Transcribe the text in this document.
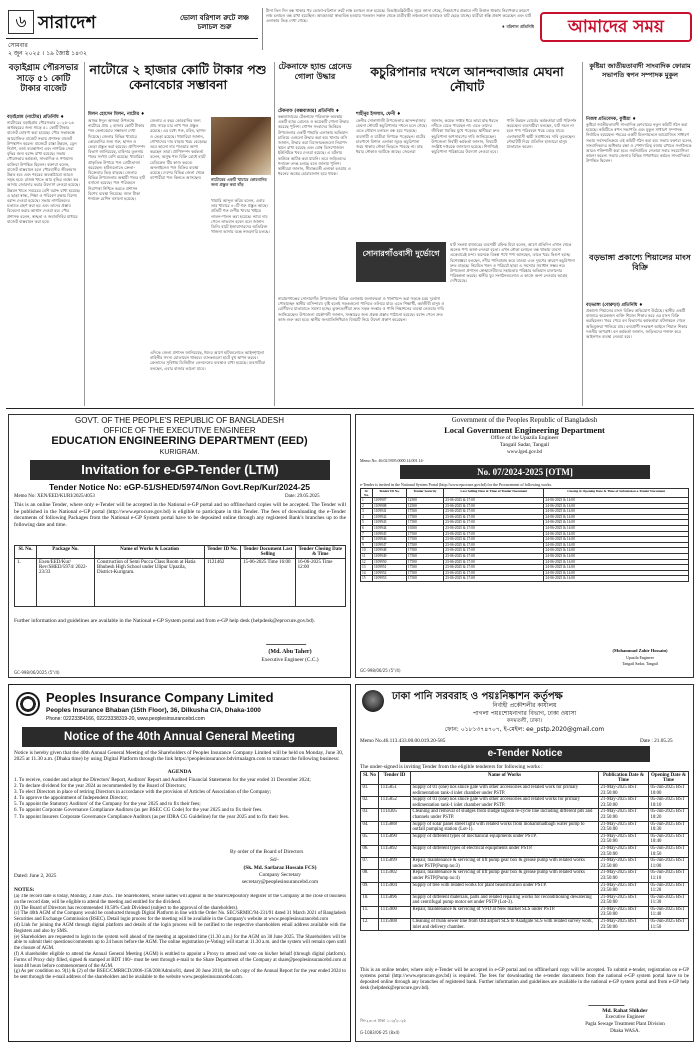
৬ সারাদেশ	ভোলা বরিশাল রুটে লঞ্চ চলাচল শুরু
সোমবার
২ জুন ২০২৫ । ১৯ জ্যৈষ্ঠ ১৪৩২
টানা তিন দিন বন্ধ থাকার পর ভোলা-বরিশাল রুটে লঞ্চ চলাচল শুরু হয়েছে। বিআইডব্লিউটিএ সূত্রে জানা গেছে, নিম্নচাপের প্রভাবে নদী উত্তাল থাকায় নিরাপত্তার কারণে লঞ্চ চলাচল বন্ধ রাখা হয়েছিল। আবহাওয়া স্বাভাবিক হওয়ায় গতকাল সকাল থেকে যাত্রীবাহী লঞ্চগুলো আবারও ঘাট ছেড়ে যাচ্ছে। যাত্রীরা স্বস্তি প্রকাশ করেছেন এবং ঘাট এলাকায় ভিড় দেখা গেছে।
♦ বরিশাল প্রতিনিধি	আমাদের সময়
বড়াইগ্রাম পৌরসভার সাড়ে ৫১ কোটি টাকার বাজেট
বড়াইগ্রাম (নাটোর) প্রতিনিধি ♦
নাটোরের বড়াইগ্রাম পৌরসভার ২০২৫-২৬ অর্থবছরের জন্য সাড়ে ৫১ কোটি টাকার বাজেট ঘোষণা করা হয়েছে। পৌর সভাকক্ষে আয়োজিত বাজেট সভায় প্রশাসক বাজেট উপস্থাপন করেন। বাজেটে রাস্তা উন্নয়ন, ড্রেন নির্মাণ, বর্জ্য ব্যবস্থাপনা এবং নাগরিক সেবা বৃদ্ধির জন্য বরাদ্দ রাখা হয়েছে। সভায় পৌরসভার কর্মকর্তা, সাংবাদিক ও গণ্যমান্য ব্যক্তিরা উপস্থিত ছিলেন। বক্তারা বলেন, বাজেট বাস্তবায়ন হলে পৌরবাসীর জীবনমান উন্নত হবে এবং শহরের অবকাঠামো আরও সমৃদ্ধ হবে। রাজস্ব খাতে আয় বৃদ্ধির লক্ষ্যে কর আদায় জোরদার করার উদ্যোগ নেওয়া হয়েছে। উন্নয়ন খাতে সবচেয়ে বেশি বরাদ্দ রাখা হয়েছে। এ ছাড়া স্বাস্থ্য, শিক্ষা ও পরিবেশ রক্ষায় বিশেষ বরাদ্দ দেওয়া হয়েছে। সভায় নাগরিকদের মতামত গ্রহণ করা হয় এবং তাদের প্রস্তাব বিবেচনা করার আশ্বাস দেওয়া হয়। পৌর প্রশাসক বলেন, স্বচ্ছতা ও জবাবদিহির মাধ্যমে বাজেট বাস্তবায়ন করা হবে।
নাটোরে ২ হাজার কোটি টাকার পশু কেনাবেচার সম্ভাবনা
মিলন হোসেন মিলন, নাটোর ♦
আসন্ন ঈদুল আজহা উপলক্ষে নাটোরে প্রায় ২ হাজার কোটি টাকার পশু কেনাবেচার সম্ভাবনা দেখা দিয়েছে। জেলার বিভিন্ন খামারে কোরবানির জন্য গরু, ছাগল ও ভেড়া প্রস্তুত করা হয়েছে। প্রাণিসম্পদ বিভাগ জানিয়েছে, চাহিদার তুলনায় পশুর সংখ্যা বেশি রয়েছে। খামারিরা প্রাকৃতিক উপায়ে পশু মোটাতাজা করেছেন। হাটগুলোতে ক্রেতা-বিক্রেতার ভিড় বাড়ছে। জেলার বিভিন্ন উপজেলায় অস্থায়ী পশুর হাট বসানো হয়েছে। পশু পরিবহনে নিরাপত্তা নিশ্চিত করতে প্রশাসন বিশেষ ব্যবস্থা নিয়েছে। জাল টাকা শনাক্তে মেশিন বসানো হয়েছে।
জেলায় এ বছর কোরবানির জন্য প্রায় সাড়ে চার লাখ পশু প্রস্তুত রয়েছে। এর মধ্যে গরু, মহিষ, ছাগল ও ভেড়া রয়েছে। খামারিরা জানান, গোখাদ্যের দাম বাড়ায় খরচ বেড়েছে। তবে ভালো দাম পাওয়ার আশা করছেন তারা। প্রাণিসম্পদ কর্মকর্তা বলেন, অসুস্থ পশু বিক্রি রোধে হাটে মেডিকেল টিম কাজ করবে। অনলাইনেও পশু বিক্রির ব্যবস্থা রয়েছে। দেশের বিভিন্ন জেলা থেকে ব্যাপারীরা পশু কিনতে আসছেন।	নাটোরের একটি খামারে কোরবানির জন্য প্রস্তুত করা ষাঁড়
খামারি আব্দুল করিম বলেন, এবার তার খামারে ৪০টি গরু প্রস্তুত আছে। প্রতিটি গরু দেশীয় খাবার খাইয়ে লালন-পালন করা হয়েছে। ন্যায্য দাম পেলে লাভবান হবেন বলে জানান তিনি। হাটে ইজারাদারদের অতিরিক্ত খাজনা আদায় বন্ধে নজরদারি চলছে।
এদিকে জেলা প্রশাসন জানিয়েছে, ঈদের আগে হাটগুলোতে আইনশৃঙ্খলা বাহিনীর সদস্য মোতায়েন থাকবে। ব্যাংকগুলো হাটে বুথ স্থাপন করবে। ক্রেতাদের সুবিধায় ডিজিটাল লেনদেনের ব্যবস্থাও রাখা হয়েছে। ব্যবসায়ীরা বলছেন, এবার বাজার ভালো যাবে।
টেকনাফে হ্যান্ড গ্রেনেড গোলা উদ্ধার
টেকনাফ (কক্সবাজার) প্রতিনিধি ♦
কক্সবাজারের টেকনাফে পরিত্যক্ত অবস্থায় একটি হ্যান্ড গ্রেনেড ও কয়েকটি গোলা উদ্ধার করেছে পুলিশ। গোপন সংবাদের ভিত্তিতে উপজেলার একটি পাহাড়ি এলাকায় অভিযান চালিয়ে এগুলো উদ্ধার করা হয়। থানার ওসি জানান, উদ্ধার করা বিস্ফোরকগুলো নিরাপদ স্থানে রাখা হয়েছে এবং বোম্ব ডিসপোজাল ইউনিটকে খবর দেওয়া হয়েছে। এ ঘটনায় কাউকে আটক করা যায়নি। তবে জড়িতদের শনাক্তে তদন্ত চলছে বলে জানায় পুলিশ। স্থানীয়রা জানান, সীমান্তবর্তী এলাকা হওয়ায় এ ধরনের অস্ত্রের চোরাচালান হয়ে থাকে।
সোনারগাঁওবাসী দুর্ভোগে
নারায়ণগঞ্জের সোনারগাঁও উপজেলার বিভিন্ন এলাকায় জলাবদ্ধতা ও খানাখন্দে ভরা সড়কে চরম দুর্ভোগ পোহাচ্ছেন স্থানীয় বাসিন্দারা। বৃষ্টি হলেই সড়কগুলো পানিতে তলিয়ে যায়। এতে শিক্ষার্থী, কর্মজীবী মানুষ ও রোগীদের যাতায়াতে সমস্যা হচ্ছে। ভুক্তভোগীরা দ্রুত সড়ক সংস্কার ও পানি নিষ্কাশনের ব্যবস্থা নেওয়ার দাবি জানিয়েছেন। উপজেলা প্রকৌশলী জানান, সংস্কারের জন্য প্রকল্প প্রস্তাব পাঠানো হয়েছে। বরাদ্দ পেলে দ্রুত কাজ শুরু করা হবে। স্থানীয় জনপ্রতিনিধিরাও বিষয়টি নিয়ে উদ্বেগ প্রকাশ করেছেন।
কচুরিপানার দখলে আনন্দবাজার মেঘনা নৌঘাট
শাহীনুর ইসলাম, ফেনী ♦
ফেনীর সোনাগাজী উপজেলার আনন্দবাজার মেঘনা নৌঘাট কচুরিপানার দখলে চলে গেছে। এতে নৌযান চলাচল বন্ধ হয়ে পড়েছে। ব্যবসায়ী ও যাত্রীরা বিপাকে পড়েছেন। ঘাটের চারপাশে বিশাল এলাকা জুড়ে কচুরিপানা জমে থাকায় নৌকা ভিড়তে পারছে না। মাছ ধরার নৌকাও আটকে আছে। জেলেরা জানান, কয়েক সপ্তাহ ধরে তারা মাছ ধরতে নদীতে যেতে পারছেন না। এতে তাদের জীবিকা হুমকির মুখে পড়েছে। স্থানীয়রা দ্রুত কচুরিপানা অপসারণের দাবি জানিয়েছেন। উপজেলা নির্বাহী কর্মকর্তা জানান, বিষয়টি সংশ্লিষ্ট দপ্তরকে জানানো হয়েছে। শিগগিরই কচুরিপানা পরিষ্কারের উদ্যোগ নেওয়া হবে। পানি উন্নয়ন বোর্ডের কর্মকর্তারা ঘাট পরিদর্শন করেছেন। ব্যবসায়ীরা বলছেন, ঘাট সচল না হলে পণ্য পরিবহনে খরচ বেড়ে যাবে। এলাকাবাসী স্থায়ী সমাধানের দাবি তুলেছেন। নৌঘাটটি দিয়ে প্রতিদিন হাজারো মানুষ যাতায়াত করেন।
ঘাট সংলগ্ন বাজারের ব্যবসায়ী রফিক মিয়া বলেন, আগে প্রতিদিন এখান থেকে অনেক পণ্য আনা-নেওয়া হতো। এখন নৌকা চলাচল বন্ধ থাকায় ব্যবসা একেবারেই মন্দা। অনেকে বিকল্প পথে পণ্য আনছেন, তাতে খরচ দ্বিগুণ হচ্ছে। বিশেষজ্ঞরা বলছেন, নদীর পানিপ্রবাহ কমে যাওয়া এবং দূষণের কারণে কচুরিপানা দ্রুত বাড়ছে। নিয়মিত খনন ও পরিচর্যা ছাড়া এ সমস্যার সমাধান সম্ভব নয়। উপজেলা প্রশাসন স্বেচ্ছাসেবীদের সহায়তায় পরিষ্কার অভিযান চালানোর পরিকল্পনা করছে। স্থানীয় যুব সংগঠনগুলোও এ কাজে অংশ নেওয়ার আগ্রহ দেখিয়েছে।
কুষ্টিয়া জাতীয়তাবাদী সাংবাদিক ফোরাম সভাপতি স্বপন সম্পাদক মুকুল
নিজস্ব প্রতিবেদক, কুষ্টিয়া ♦
কুষ্টিয়া জাতীয়তাবাদী সাংবাদিক ফোরামের নতুন কমিটি গঠন করা হয়েছে। কমিটিতে স্বপন সভাপতি এবং মুকুল সাধারণ সম্পাদক নির্বাচিত হয়েছেন। শহরের একটি মিলনায়তনে আয়োজিত সাধারণ সভায় সর্বসম্মতিক্রমে এই কমিটি গঠন করা হয়। সভায় বক্তারা বলেন, সাংবাদিকদের অধিকার রক্ষা ও পেশাদারিত্ব বজায় রাখতে সংগঠনকে আরও শক্তিশালী করা হবে। নবনির্বাচিত নেতারা সবার সহযোগিতা কামনা করেন। সভায় জেলার বিভিন্ন গণমাধ্যমে কর্মরত সাংবাদিকরা উপস্থিত ছিলেন।
বড়ভাঙ্গা প্রকাশ্যে শিয়ালের মাংস বিক্রি
বড়ভাঙ্গা (বোরুড়া) প্রতিনিধি ♦
প্রকাশ্যে শিয়ালের মাংস বিক্রির অভিযোগ উঠেছে। স্থানীয় একটি বাজারে কয়েকজন ব্যক্তি শিয়াল শিকার করে এর মাংস বিক্রি করছিলেন। খবর পেয়ে বন বিভাগের কর্মকর্তারা ঘটনাস্থলে গেলে অভিযুক্তরা পালিয়ে যায়। বন্যপ্রাণী সংরক্ষণ আইনে শিয়াল শিকার দণ্ডনীয় অপরাধ। বন কর্মকর্তা জানান, জড়িতদের শনাক্ত করে আইনগত ব্যবস্থা নেওয়া হবে।
GOVT. OF THE PEOPLE'S REPUBLIC OF BANGLADESH
OFFICE OF THE EXECUTIVE ENGINEER
EDUCATION ENGINEERING DEPARTMENT (EED)
KURIGRAM.
Invitation for e-GP-Tender (LTM)
Tender Notice No: eGP-51/SHED/5974/Non Govt.Rep/Kur/2024-25
Memo No: XEN/EED/KURI/2025/4053	Date: 29.05.2025
This is an online Tender, where only e-Tender will be accepted in the National e-GP portal and no offline/hard copies will be accepted. The Tender will be published in the National e-GP portal (http://www.eprocure.gov.bd) is eligible to participate in this Tender. The fees of downloading the e-Tender documents of following Packages from the National e-GP System portal have to be deposited online through any registered Bank's branches up to the following date and time.
Sl. No.	Package No.	Name of Works & Location	Tender ID No.	Tender Document Last Selling	Tender Closing Date & Time
1.	Exen/EED/Kur/ Rev/SHED/5974/ 2022-23/33	Construction of Semi Pucca Class Room at Hatia Bhubesh High School under Ulipur Upazila, District-Kurigram.	1121462	15-06-2025 Time 16:00	16-06-2025 Time 12:00
Further information and guidelines are available in the National e-GP System portal and from e-GP help desk (helpdesk@eprocure.gov.bd).
(Md. Abu Taher)
Executive Engineer (C.C.)
GC-998/06/2025 (5"/4)
Government of the Peoples Republic of Bangladesh
Local Government Engineering Department
Office of the Upazila Engineer
Tangail Sadar, Tangail
www.lged.gov.bd
Memo No: 46.02.9395.0000.14.001.14-
No. 07/2024-2025 [OTM]
e-Tender is invited in the National System Portal (http://www.eprocure.gov.bd) for the Procurement of following works.
Sl. No.	Tender ID No.	Tender Security	Last Selling Date & Time of Tender Document	Closing & Opening Date & Time of Submission e-Tender Document
1	1109907	12500	23-06-2025 & 17:00	24-06-2025 & 14:00
2	1109908	12500	23-06-2025 & 17:00	24-06-2025 & 14:00
3	1109941	17500	23-06-2025 & 17:00	24-06-2025 & 14:00
4	1109942	17500	23-06-2025 & 17:00	24-06-2025 & 14:00
5	1109943	17500	23-06-2025 & 17:00	24-06-2025 & 14:00
6	1109944	16500	23-06-2025 & 17:00	24-06-2025 & 14:00
7	1109945	17500	23-06-2025 & 17:00	24-06-2025 & 14:00
8	1109946	17500	23-06-2025 & 17:00	24-06-2025 & 14:00
9	1109947	17500	23-06-2025 & 17:00	24-06-2025 & 14:00
10	1109948	17500	23-06-2025 & 17:00	24-06-2025 & 14:00
11	1109949	17500	23-06-2025 & 17:00	24-06-2025 & 14:00
12	1109950	17500	23-06-2025 & 17:00	24-06-2025 & 14:00
13	1109951	17500	23-06-2025 & 17:00	24-06-2025 & 14:00
14	1109952	17500	23-06-2025 & 17:00	24-06-2025 & 14:00
15	1109953	17500	23-06-2025 & 17:00	24-06-2025 & 14:00
(Mohammad Zahir Hossain)
Upazila Engineer
Tangail Sadar, Tangail
GC-998/06/25 (5"/4)
Peoples Insurance Company Limited
Peoples Insurance Bhaban (15th Floor), 36, Dilkusha C/A, Dhaka-1000
Phone: 02223384166, 02223338319-20, www.peoplesinsurancebd.com
Notice of the 40th Annual General Meeting
Notice is hereby given that the 40th Annual General Meeting of the Shareholders of Peoples Insurance Company Limited will be held on Monday, June 30, 2025 at 11.30 a.m. (Dhaka time) by using Digital Platform through the link https://peoplesinsurance.bdvirtualagm.com to transact the following business:
AGENDA
1. To receive, consider and adopt the Directors' Report, Auditors' Report and Audited Financial Statements for the year ended 31 December 2024;
2. To declare dividend for the year 2024 as recommended by the Board of Directors;
3. To elect Directors in place of retiring Directors in accordance with the provision of Articles of Association of the Company;
4. To approve the appointment of Independent Director;
5. To appoint the Statutory Auditors' of the Company for the year 2025 and to fix their fees;
6. To appoint Corporate Governance Compliance Auditors (as per BSEC CG Code) for the year 2025 and to fix their fees.
7. To appoint Insurers Corporate Governance Compliance Auditors (as per IDRA CG Guideline) for the year 2025 and to fix their fees.
By order of the Board of Directors
Sd/-
Dated: June 2, 2025
(Sk. Md. Sarfaraz Hossain FCS)
Company Secretary
secretary@peoplesinsurancebd.com
NOTES:
(a) The record date is today, Monday, 2 June 2025. The Shareholders, whose names will appear in the Share/Depository Register of the Company at the close of business on the record date, will be eligible to attend the meeting and entitled for the dividend.
(b) The Board of Directors has recommended 10.50% Cash Dividend (subject to the approval of the shareholders).
(c) The 40th AGM of the Company would be conducted through Digital Platform in line with the Order No. SEC/SRMIC/94-231/91 dated 31 March 2021 of Bangladesh Securities and Exchange Commission (BSEC). Detail login process for the meeting will be available in the Company's website at www.peoplesinsurancebd.com
(d) Link for joining the AGM through digital platform and details of the login process will be notified to the respective shareholders email address available with the Registers and also by SMS.
(e) Shareholders are requested to login to the system well ahead of the meeting at appointed time (11.30 a.m.) for the AGM on 30 June 2025. The Shareholders will be able to submit their questions/comments up to 24 hours before the AGM. The online registration (e-Voting) will start at 11.30 a.m. and the system will remain open until the closure of AGM.
(f) A shareholder eligible to attend the Annual General Meeting (AGM) is entitled to appoint a Proxy to attend and vote on his/her behalf (through digital platform). Forms of Proxy duly filled, signed & stamped at BDT 100/- must be sent through e-mail to the Share Department of the Company at share@peoplesinsurancebd.com at least 48 hours before commencement of the AGM.
(g) As per condition no. 9(1) & (2) of the BSEC/CMRRCD/2006-158/208/Admin/81, dated 20 June 2018, the soft copy of the Annual Report for the year ended 2024 to be sent through the e-mail address of the shareholders and be available to the website www.peoplesinsurancebd.com.
ঢাকা পানি সরবরাহ ও পয়ঃনিষ্কাশন কর্তৃপক্ষ
নির্বাহী প্রকৌশলীর কার্যালয়
পাগলা পয়ঃশোধনাগার বিভাগ, ঢাকা ওয়াসা
কদমতলী, ঢাকা।
ফোন: ০১৮১৩৭৪৭০৭, ই-মেইল: ee_pstp.2020@gmail.com
Memo No.46.113.433.00.00.019.20-585	Date : 21.05.25
e-Tender Notice
The under-signed is inviting Tender from the eligible tenderers for following works :
Sl. No	Tender ID	Name of Works	Publication Date & Time	Opening Date & Time
01.	1115851	Supply of 01 (one) nos sluice gate with other accessories and related work for primary sedimentation tank-4 inlet chamber under PSTP.	21-May-2025 BST 23:50:00	05-Jun-2025 BST 10:00
02.	1115852	Supply of 01 (one) nos sluice gate with other accessories and related works for primary sedimentation tank-1 inlet chamber under PSTP.	21-May-2025 BST 23:50:00	05-Jun-2025 BST 10:10
03.	1114305	Cleaning and removal of sludges from sludge lagoon re-cycle line including different pits and channels under PSTP.	21-May-2025 BST 23:50:00	05-Jun-2025 BST 10:20
04.	1115888	Supply of solar panel street light with related works from mohammadbagh water pump to outfall pumping station (Lot-1).	21-May-2025 BST 23:50:00	05-Jun-2025 BST 10:30
05.	1115890	Supply of different types of mechanical equipments under PSTP.	21-May-2025 BST 23:50:00	05-Jun-2025 BST 10:40
06.	1115892	Supply of different types of electrical equipments under PSTP.	21-May-2025 BST 23:50:00	05-Jun-2025 BST 10:50
07.	1115899	Repair, maintenance & servicing of lift pump gear box & grease pump with related works under PSTP(Pump no:3)	21-May-2025 BST 23:50:00	05-Jun-2025 BST 11:00
08.	1115902	Repair, maintenance & servicing of lift pump gear box & grease pump with related works under PSTP(Pump no:4)	21-May-2025 BST 23:50:00	05-Jun-2025 BST 11:10
09.	1115904	Supply of tree with related works for plant beautification under PSTP.	21-May-2025 BST 23:50:00	05-Jun-2025 BST 11:20
10.	1115896	Supply of different materials, parts and related repairing works for reconditioning dewatering and centrifugal pump motor set under PSTP (Lot-3).	21-May-2025 BST 23:50:00	05-Jun-2025 BST 11:30
11.	1115900	Repair, maintenance & servicing of VFD at New market SLS under PSTP.	21-May-2025 BST 23:50:00	05-Jun-2025 BST 11:40
12.	1115908	Cleaning of trunk sewer line from Old airport SLS to Asadgate SLS with related survey work, inlet and delivery chamber.	21-May-2025 BST 23:50:00	05-Jun-2025 BST 11:50
This is an online tender, where only e-Tender will be accepted in e-GP portal and no offline/hard copy will be accepted. To submit e-tender, registration on e-GP systems portal (http://www.eprocure.gov.bd) is required. The fees for downloading the e-tender documents from the national e-GP system portal have to be deposited online through any branches of registered bank. Further information and guidelines are available in the national e-GP system portal and from e-GP help desk (helpdesk@eprocure.gov.bd).
Md. Rahat Shikder
Executive Engineer
Pagla Sewage Treatment Plant Division
Dhaka WASA.
জি-২৩০৪ ঢাকা ১০২/২০২৫
G-1083/06-25 (8x4)
